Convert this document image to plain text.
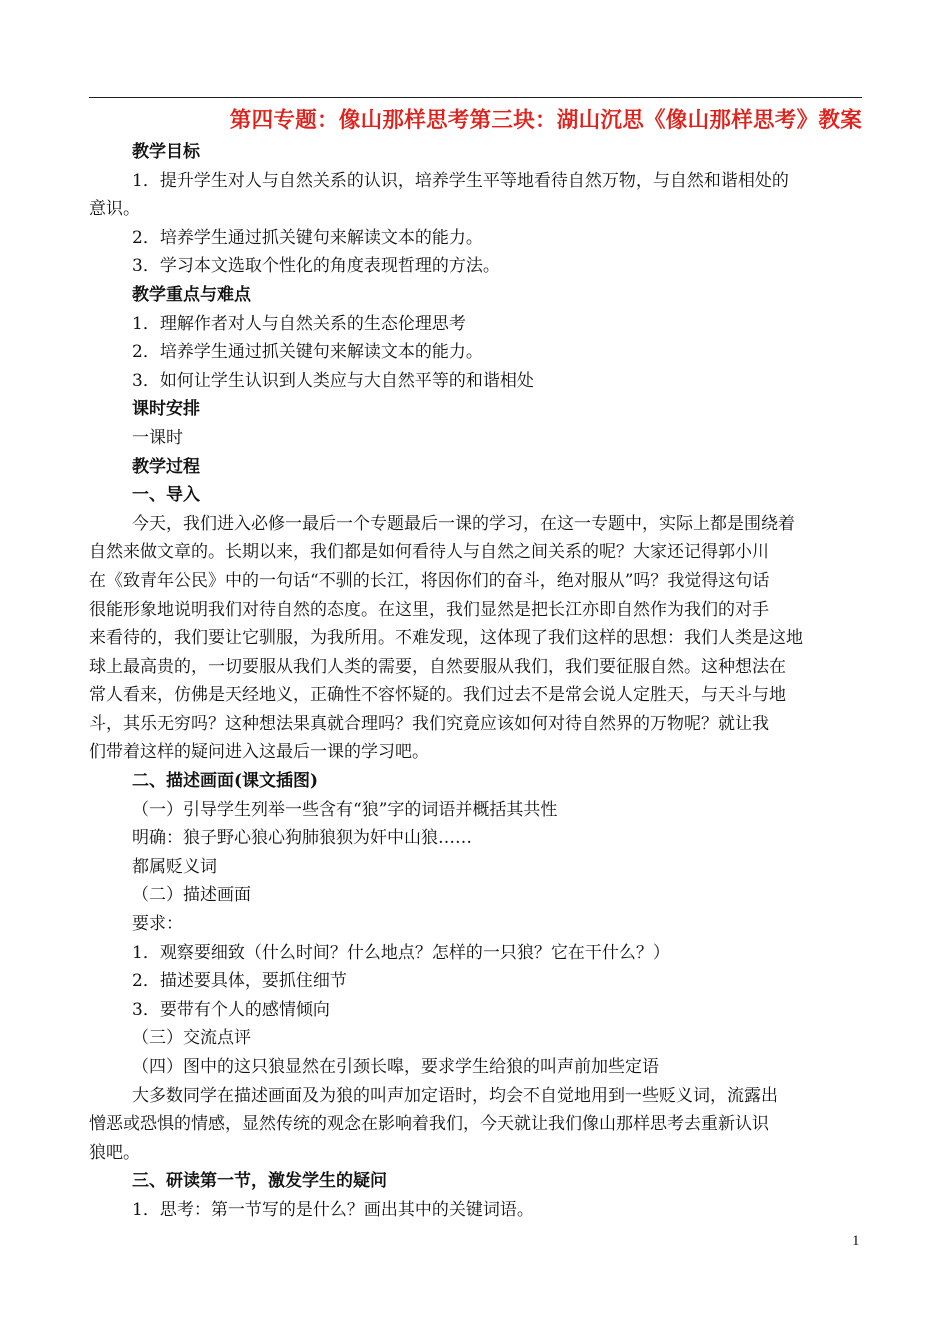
第四专题：像山那样思考第三块：湖山沉思《像山那样思考》教案
教学目标
1．提升学生对人与自然关系的认识，培养学生平等地看待自然万物，与自然和谐相处的
意识。
2．培养学生通过抓关键句来解读文本的能力。
3．学习本文选取个性化的角度表现哲理的方法。
教学重点与难点
1．理解作者对人与自然关系的生态伦理思考
2．培养学生通过抓关键句来解读文本的能力。
3．如何让学生认识到人类应与大自然平等的和谐相处
课时安排
一课时
教学过程
一、导入
今天，我们进入必修一最后一个专题最后一课的学习，在这一专题中，实际上都是围绕着
自然来做文章的。长期以来，我们都是如何看待人与自然之间关系的呢？大家还记得郭小川
在《致青年公民》中的一句话“不驯的长江，将因你们的奋斗，绝对服从”吗？我觉得这句话
很能形象地说明我们对待自然的态度。在这里，我们显然是把长江亦即自然作为我们的对手
来看待的，我们要让它驯服，为我所用。不难发现，这体现了我们这样的思想：我们人类是这地
球上最高贵的，一切要服从我们人类的需要，自然要服从我们，我们要征服自然。这种想法在
常人看来，仿佛是天经地义，正确性不容怀疑的。我们过去不是常会说人定胜天，与天斗与地
斗，其乐无穷吗？这种想法果真就合理吗？我们究竟应该如何对待自然界的万物呢？就让我
们带着这样的疑问进入这最后一课的学习吧。
二、描述画面(课文插图)
（一）引导学生列举一些含有“狼”字的词语并概括其共性
明确：狼子野心狼心狗肺狼狈为奸中山狼……
都属贬义词
（二）描述画面
要求：
1．观察要细致（什么时间？什么地点？怎样的一只狼？它在干什么？）
2．描述要具体，要抓住细节
3．要带有个人的感情倾向
（三）交流点评
（四）图中的这只狼显然在引颈长嗥，要求学生给狼的叫声前加些定语
大多数同学在描述画面及为狼的叫声加定语时，均会不自觉地用到一些贬义词，流露出
憎恶或恐惧的情感，显然传统的观念在影响着我们，今天就让我们像山那样思考去重新认识
狼吧。
三、研读第一节，激发学生的疑问
1．思考：第一节写的是什么？画出其中的关键词语。
1
